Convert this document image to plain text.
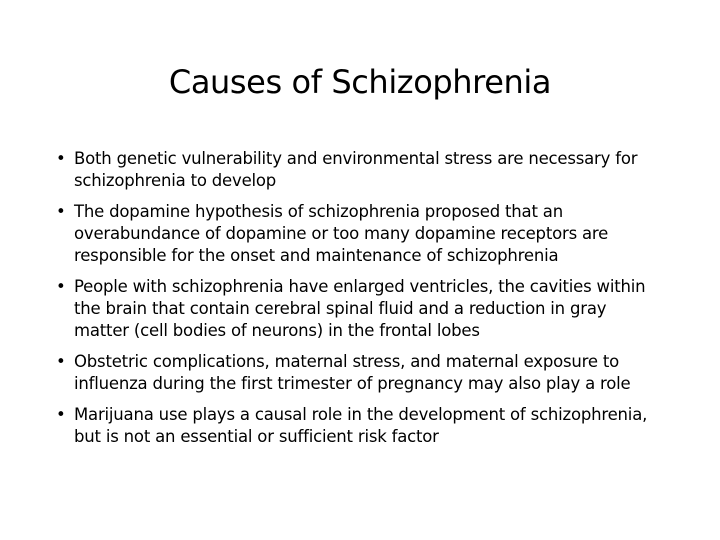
Causes of Schizophrenia
• Both genetic vulnerability and environmental stress are necessary for schizophrenia to develop
• The dopamine hypothesis of schizophrenia proposed that an overabundance of dopamine or too many dopamine receptors are responsible for the onset and maintenance of schizophrenia
• People with schizophrenia have enlarged ventricles, the cavities within the brain that contain cerebral spinal fluid and a reduction in gray matter (cell bodies of neurons) in the frontal lobes
• Obstetric complications, maternal stress, and maternal exposure to influenza during the first trimester of pregnancy may also play a role
• Marijuana use plays a causal role in the development of schizophrenia, but is not an essential or sufficient risk factor
